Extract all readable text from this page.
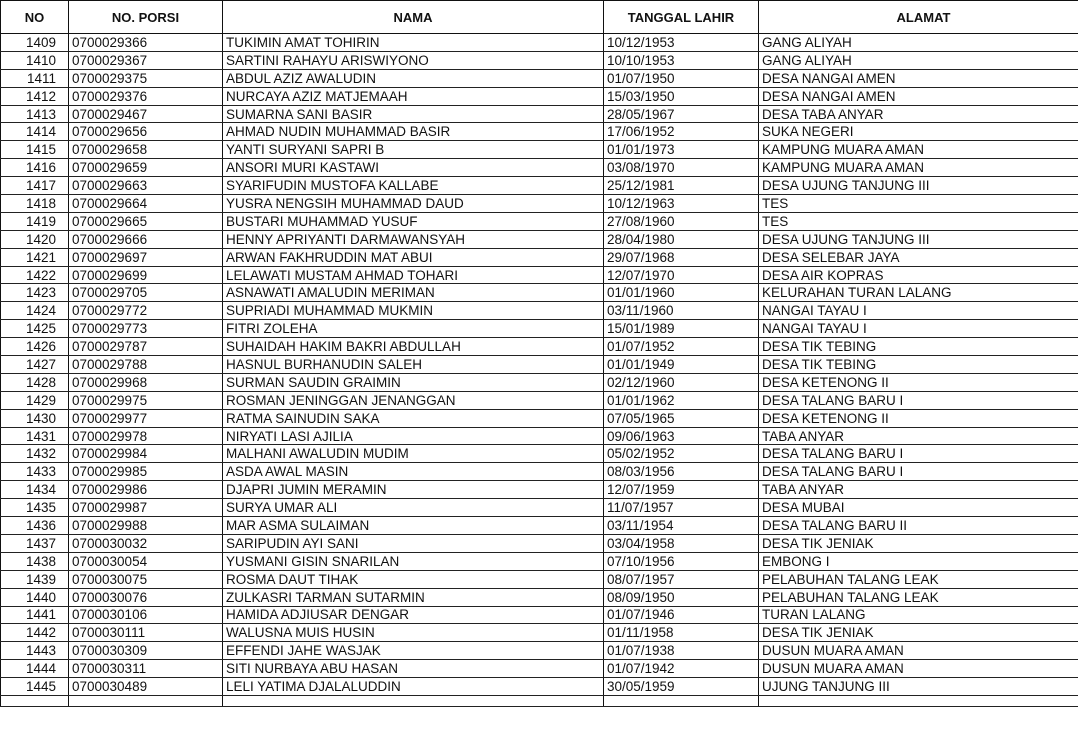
NO	NO. PORSI	NAMA	TANGGAL LAHIR	ALAMAT
1409	0700029366	TUKIMIN AMAT TOHIRIN	10/12/1953	GANG ALIYAH
1410	0700029367	SARTINI RAHAYU ARISWIYONO	10/10/1953	GANG ALIYAH
1411	0700029375	ABDUL AZIZ AWALUDIN	01/07/1950	DESA NANGAI AMEN
1412	0700029376	NURCAYA AZIZ MATJEMAAH	15/03/1950	DESA NANGAI AMEN
1413	0700029467	SUMARNA SANI BASIR	28/05/1967	DESA TABA ANYAR
1414	0700029656	AHMAD NUDIN MUHAMMAD BASIR	17/06/1952	SUKA NEGERI
1415	0700029658	YANTI SURYANI SAPRI B	01/01/1973	KAMPUNG MUARA AMAN
1416	0700029659	ANSORI MURI KASTAWI	03/08/1970	KAMPUNG MUARA AMAN
1417	0700029663	SYARIFUDIN MUSTOFA KALLABE	25/12/1981	DESA UJUNG TANJUNG III
1418	0700029664	YUSRA NENGSIH MUHAMMAD DAUD	10/12/1963	TES
1419	0700029665	BUSTARI MUHAMMAD YUSUF	27/08/1960	TES
1420	0700029666	HENNY APRIYANTI DARMAWANSYAH	28/04/1980	DESA UJUNG TANJUNG III
1421	0700029697	ARWAN FAKHRUDDIN MAT ABUI	29/07/1968	DESA SELEBAR JAYA
1422	0700029699	LELAWATI MUSTAM AHMAD TOHARI	12/07/1970	DESA AIR KOPRAS
1423	0700029705	ASNAWATI AMALUDIN MERIMAN	01/01/1960	KELURAHAN TURAN LALANG
1424	0700029772	SUPRIADI MUHAMMAD MUKMIN	03/11/1960	NANGAI TAYAU I
1425	0700029773	FITRI ZOLEHA	15/01/1989	NANGAI TAYAU I
1426	0700029787	SUHAIDAH HAKIM BAKRI ABDULLAH	01/07/1952	DESA TIK TEBING
1427	0700029788	HASNUL BURHANUDIN SALEH	01/01/1949	DESA TIK TEBING
1428	0700029968	SURMAN SAUDIN GRAIMIN	02/12/1960	DESA KETENONG II
1429	0700029975	ROSMAN JENINGGAN JENANGGAN	01/01/1962	DESA TALANG BARU I
1430	0700029977	RATMA SAINUDIN SAKA	07/05/1965	DESA KETENONG II
1431	0700029978	NIRYATI LASI AJILIA	09/06/1963	TABA ANYAR
1432	0700029984	MALHANI AWALUDIN MUDIM	05/02/1952	DESA TALANG BARU I
1433	0700029985	ASDA AWAL MASIN	08/03/1956	DESA TALANG BARU I
1434	0700029986	DJAPRI JUMIN MERAMIN	12/07/1959	TABA ANYAR
1435	0700029987	SURYA UMAR ALI	11/07/1957	DESA MUBAI
1436	0700029988	MAR ASMA SULAIMAN	03/11/1954	DESA TALANG BARU II
1437	0700030032	SARIPUDIN AYI SANI	03/04/1958	DESA TIK JENIAK
1438	0700030054	YUSMANI GISIN SNARILAN	07/10/1956	EMBONG I
1439	0700030075	ROSMA DAUT TIHAK	08/07/1957	PELABUHAN TALANG LEAK
1440	0700030076	ZULKASRI TARMAN SUTARMIN	08/09/1950	PELABUHAN TALANG LEAK
1441	0700030106	HAMIDA ADJIUSAR DENGAR	01/07/1946	TURAN LALANG
1442	0700030111	WALUSNA MUIS HUSIN	01/11/1958	DESA TIK JENIAK
1443	0700030309	EFFENDI JAHE WASJAK	01/07/1938	DUSUN MUARA AMAN
1444	0700030311	SITI NURBAYA ABU HASAN	01/07/1942	DUSUN MUARA AMAN
1445	0700030489	LELI YATIMA DJALALUDDIN	30/05/1959	UJUNG TANJUNG III
